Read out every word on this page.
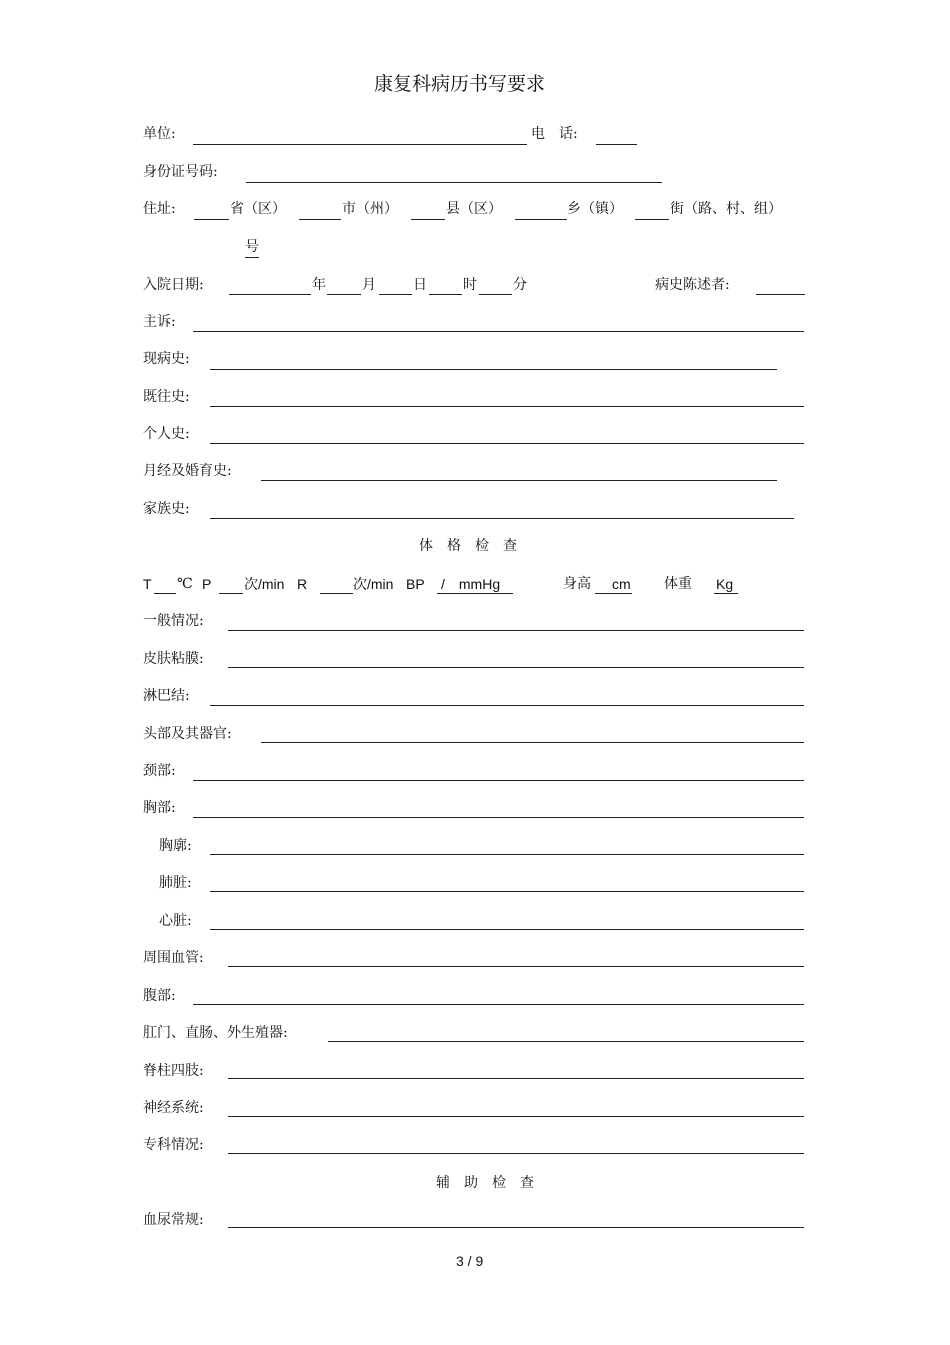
康复科病历书写要求
单位:	电　话:
身份证号码:
住址:	省（区）	市（州）	县（区）	乡（镇）	街（路、村、组）
号
入院日期:	年	月	日	时	分	病史陈述者:
主诉:
现病史:
既往史:
个人史:
月经及婚育史:
家族史:
体　格　检　查
T ℃ P 次/min R	次/min BP /　mmHg	身高 cm 体重 Kg
一般情况:
皮肤粘膜:
淋巴结:
头部及其器官:
颈部:
胸部:
胸廓:
肺脏:
心脏:
周围血管:
腹部:
肛门、直肠、外生殖器:
脊柱四肢:
神经系统:
专科情况:
辅　助　检　查
血尿常规:
3 / 9
